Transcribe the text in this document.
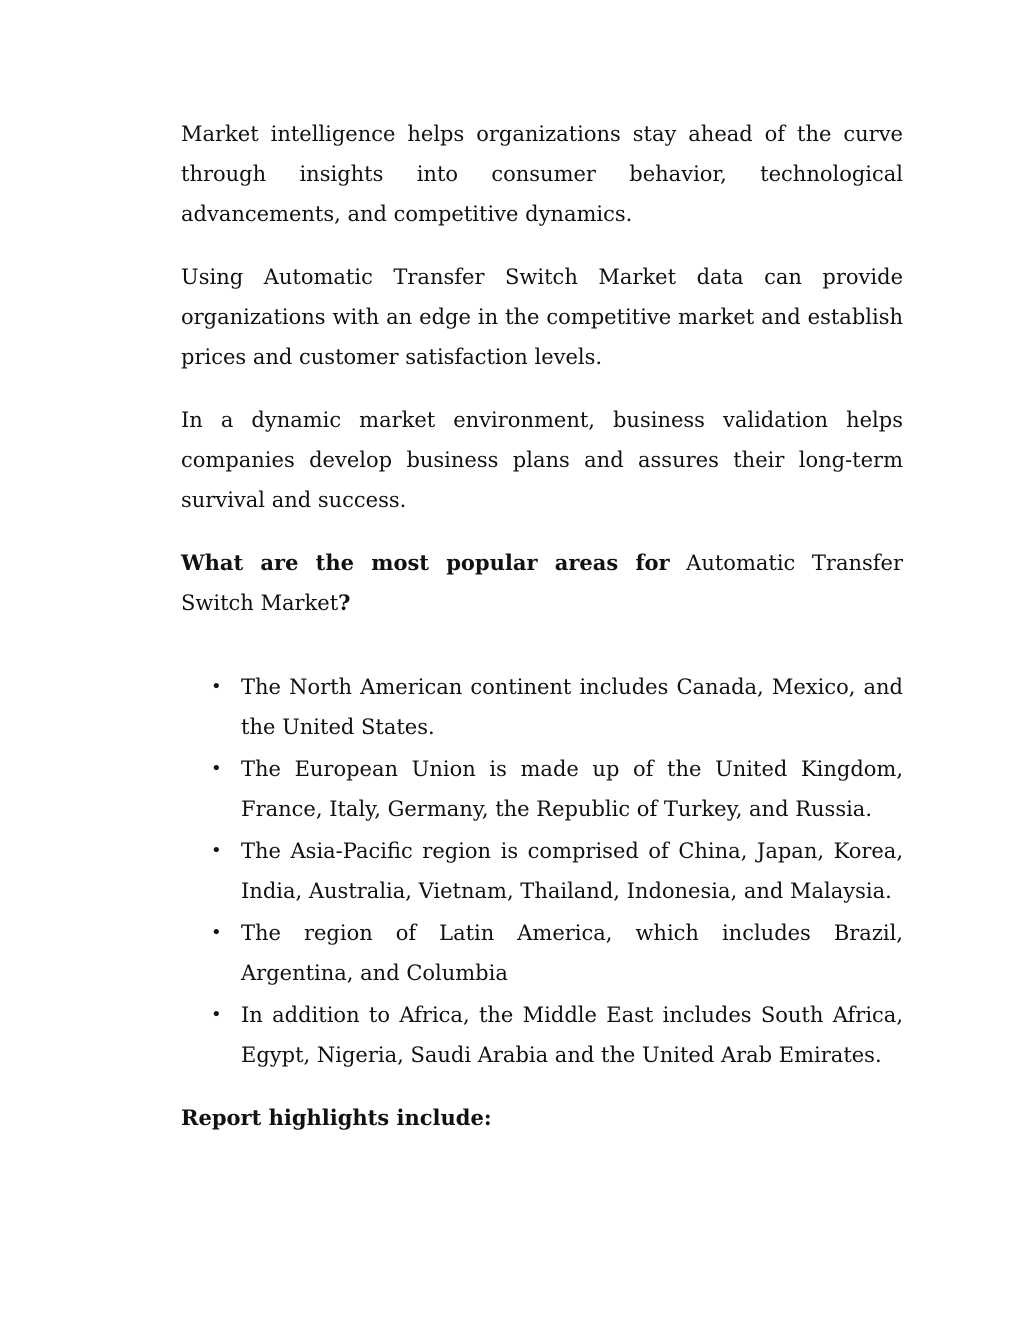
Market intelligence helps organizations stay ahead of the curve through insights into consumer behavior, technological advancements, and competitive dynamics.

Using Automatic Transfer Switch Market data can provide organizations with an edge in the competitive market and establish prices and customer satisfaction levels.

In a dynamic market environment, business validation helps companies develop business plans and assures their long-term survival and success.

What are the most popular areas for Automatic Transfer Switch Market?

• The North American continent includes Canada, Mexico, and the United States.
• The European Union is made up of the United Kingdom, France, Italy, Germany, the Republic of Turkey, and Russia.
• The Asia-Pacific region is comprised of China, Japan, Korea, India, Australia, Vietnam, Thailand, Indonesia, and Malaysia.
• The region of Latin America, which includes Brazil, Argentina, and Columbia
• In addition to Africa, the Middle East includes South Africa, Egypt, Nigeria, Saudi Arabia and the United Arab Emirates.

Report highlights include:
